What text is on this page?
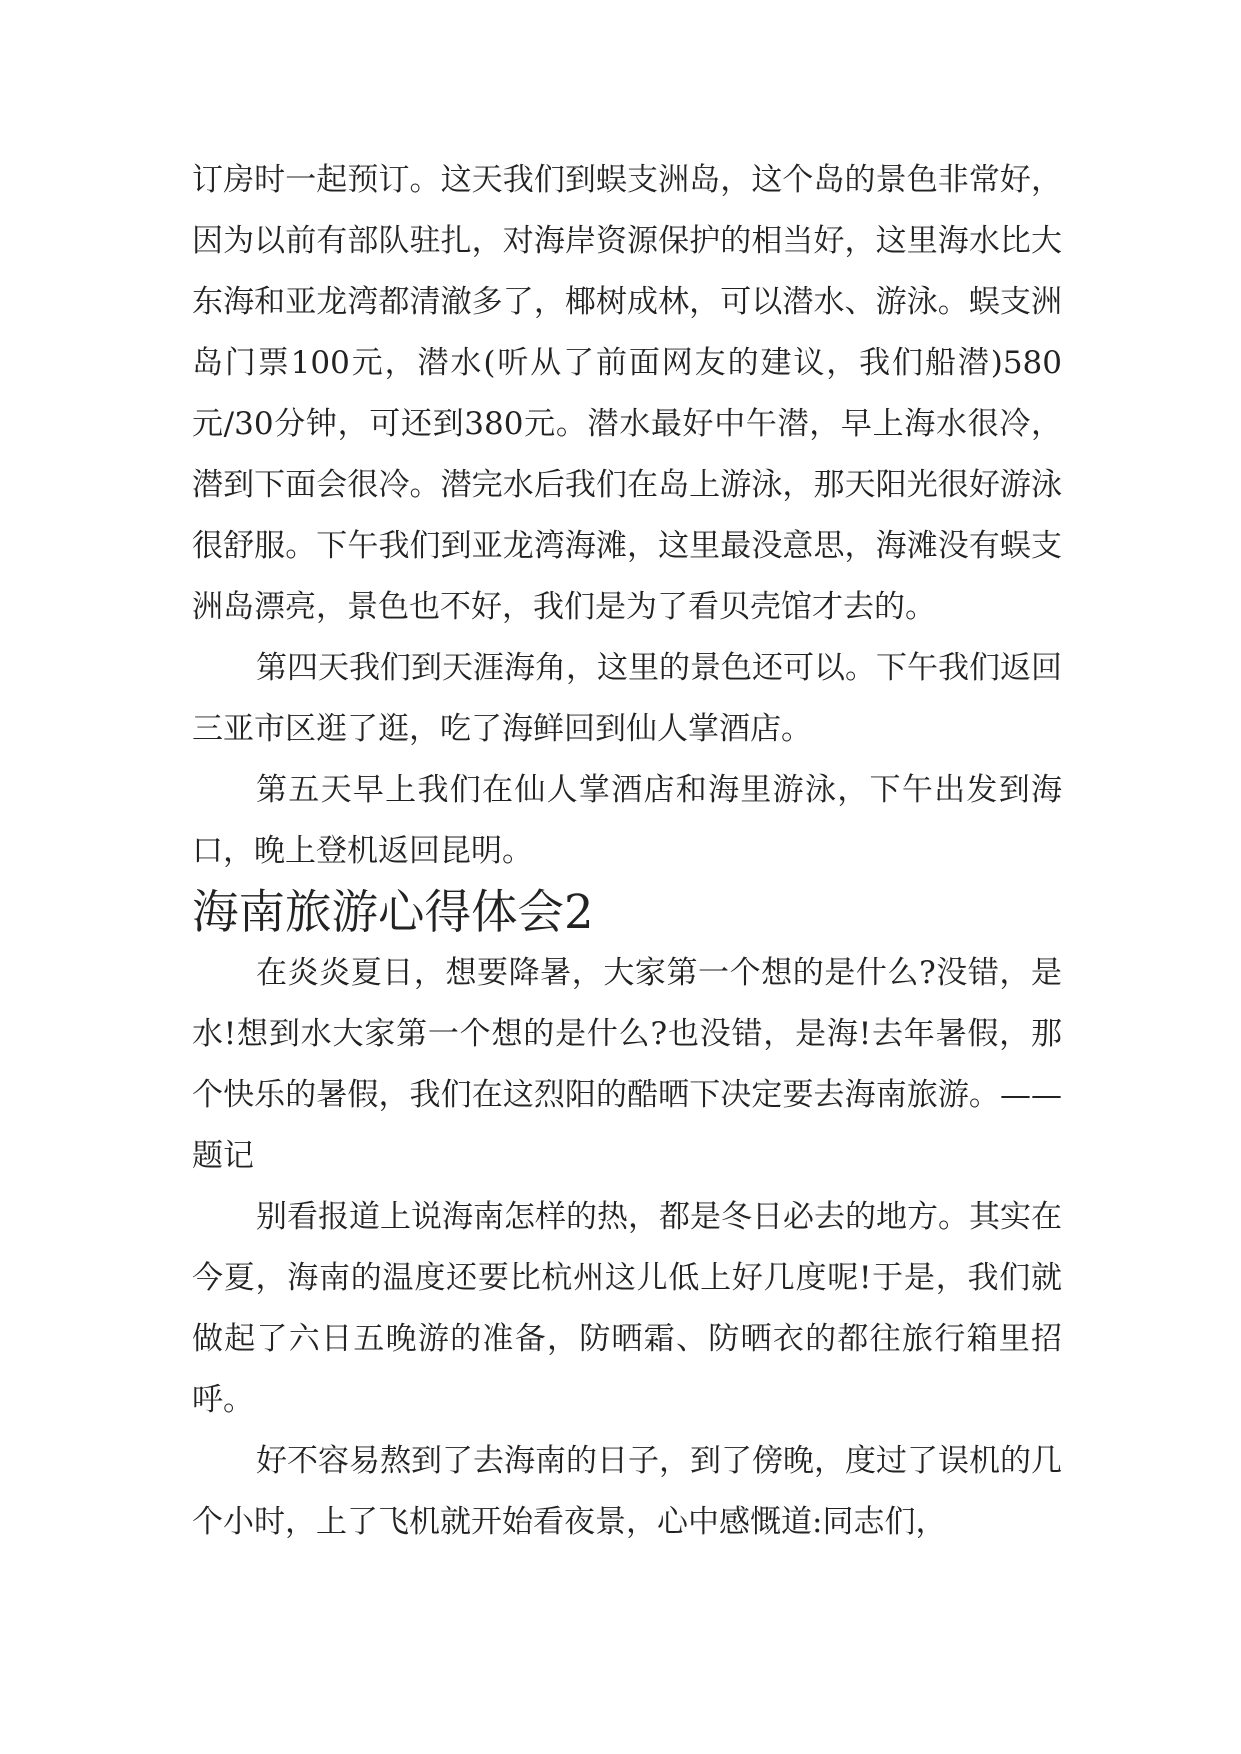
订房时一起预订。这天我们到蜈支洲岛，这个岛的景色非常好，因为以前有部队驻扎，对海岸资源保护的相当好，这里海水比大东海和亚龙湾都清澈多了，椰树成林，可以潜水、游泳。蜈支洲岛门票100元，潜水(听从了前面网友的建议，我们船潜)580元/30分钟，可还到380元。潜水最好中午潜，早上海水很冷，潜到下面会很冷。潜完水后我们在岛上游泳，那天阳光很好游泳很舒服。下午我们到亚龙湾海滩，这里最没意思，海滩没有蜈支洲岛漂亮，景色也不好，我们是为了看贝壳馆才去的。

第四天我们到天涯海角，这里的景色还可以。下午我们返回三亚市区逛了逛，吃了海鲜回到仙人掌酒店。

第五天早上我们在仙人掌酒店和海里游泳，下午出发到海口，晚上登机返回昆明。

海南旅游心得体会2

在炎炎夏日，想要降暑，大家第一个想的是什么?没错，是水!想到水大家第一个想的是什么?也没错，是海!去年暑假，那个快乐的暑假，我们在这烈阳的酷晒下决定要去海南旅游。——题记

别看报道上说海南怎样的热，都是冬日必去的地方。其实在今夏，海南的温度还要比杭州这儿低上好几度呢!于是，我们就做起了六日五晚游的准备，防晒霜、防晒衣的都往旅行箱里招呼。

好不容易熬到了去海南的日子，到了傍晚，度过了误机的几个小时，上了飞机就开始看夜景，心中感慨道:同志们，
